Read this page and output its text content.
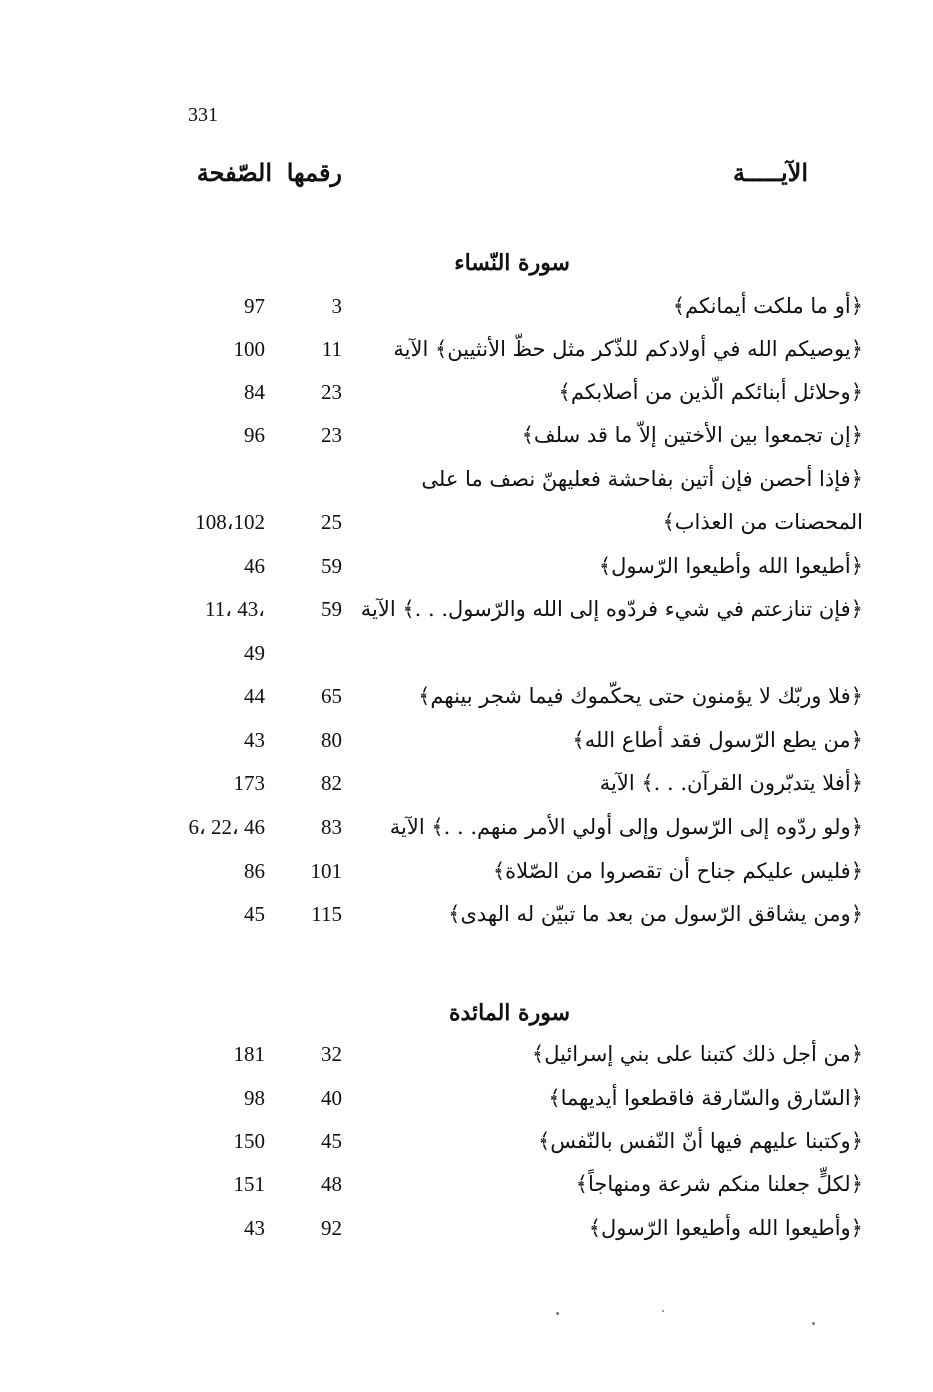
331
الآيـــــة
رقمها
الصّفحة
سورة النّساء
﴿أو ما ملكت أيمانكم﴾
3
97
﴿يوصيكم الله في أولادكم للذّكر مثل حظّ الأنثيين﴾ الآية
11
100
﴿وحلائل أبنائكم الّذين من أصلابكم﴾
23
84
﴿إن تجمعوا بين الأختين إلاّ ما قد سلف﴾
23
96
﴿فإذا أحصن فإن أتين بفاحشة فعليهنّ نصف ما على
المحصنات من العذاب﴾
25
108،102
﴿أطيعوا الله وأطيعوا الرّسول﴾
59
46
﴿فإن تنازعتم في شيء فردّوه إلى الله والرّسول. . .﴾ الآية
59
11، 43،
49
﴿فلا وربّك لا يؤمنون حتى يحكّموك فيما شجر بينهم﴾
65
44
﴿من يطع الرّسول فقد أطاع الله﴾
80
43
﴿أفلا يتدبّرون القرآن. . .﴾ الآية
82
173
﴿ولو ردّوه إلى الرّسول وإلى أولي الأمر منهم. . .﴾ الآية
83
6، 22، 46
﴿فليس عليكم جناح أن تقصروا من الصّلاة﴾
101
86
﴿ومن يشاقق الرّسول من بعد ما تبيّن له الهدى﴾
115
45
سورة المائدة
﴿من أجل ذلك كتبنا على بني إسرائيل﴾
32
181
﴿السّارق والسّارقة فاقطعوا أيديهما﴾
40
98
﴿وكتبنا عليهم فيها أنّ النّفس بالنّفس﴾
45
150
﴿لكلٍّ جعلنا منكم شرعة ومنهاجاً﴾
48
151
﴿وأطيعوا الله وأطيعوا الرّسول﴾
92
43
